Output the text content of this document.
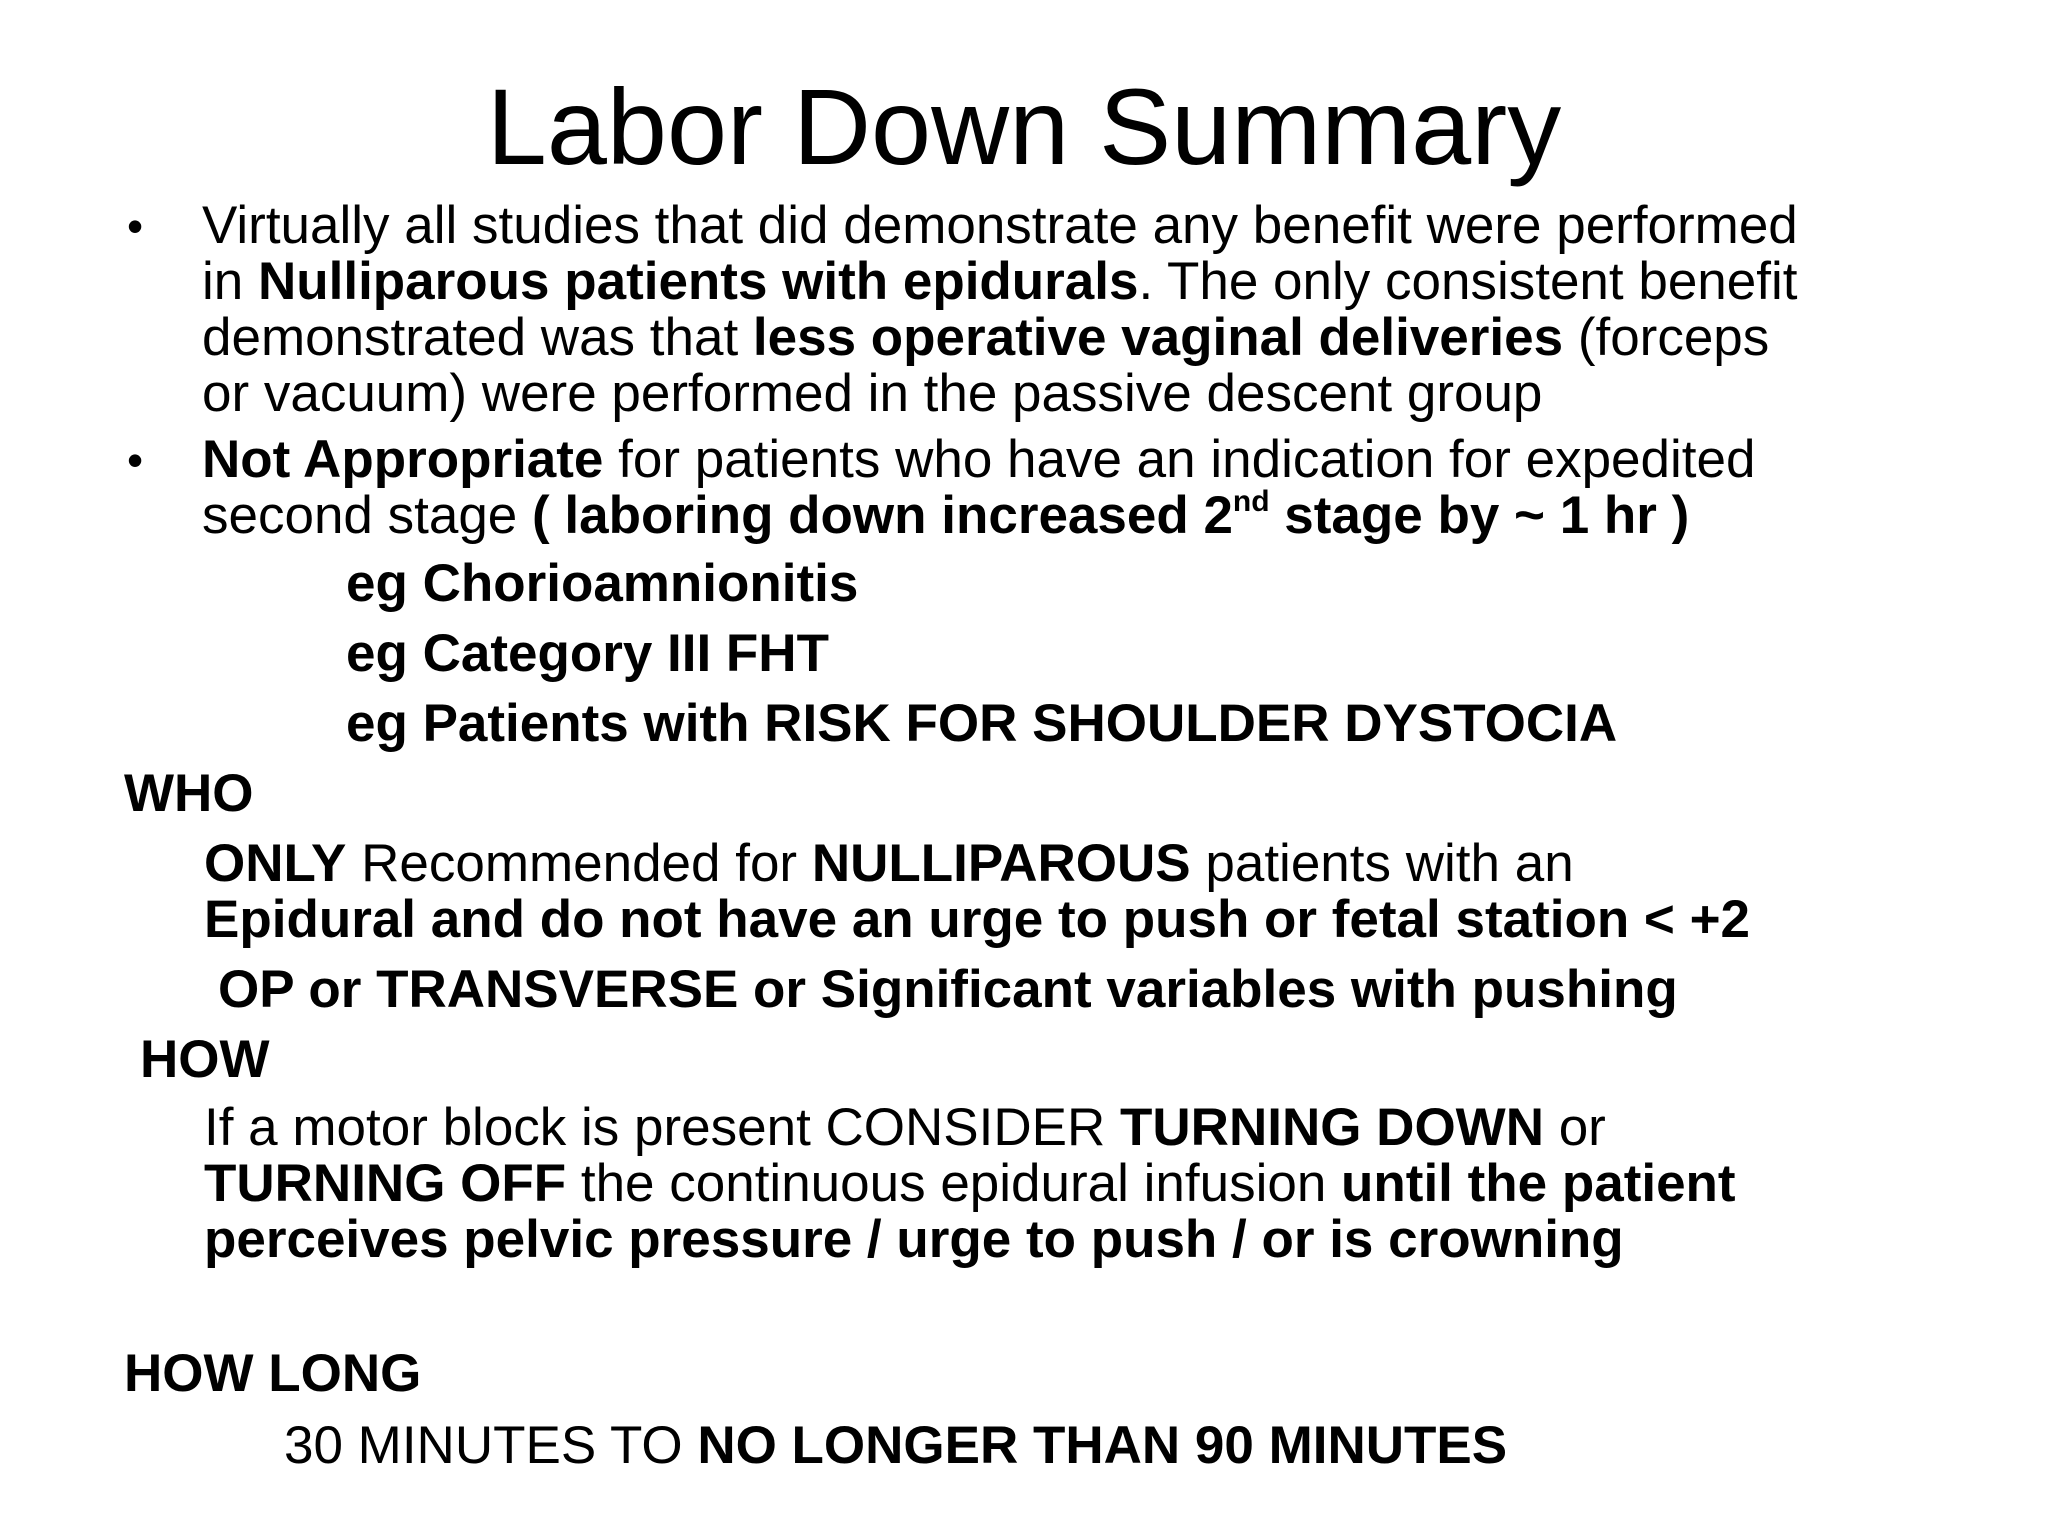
Labor Down Summary
• Virtually all studies that did demonstrate any benefit were performed
in Nulliparous patients with epidurals. The only consistent benefit
demonstrated was that less operative vaginal deliveries (forceps
or vacuum) were performed in the passive descent group
• Not Appropriate for patients who have an indication for expedited
second stage ( laboring down increased 2nd stage by ~ 1 hr )
eg Chorioamnionitis
eg Category III FHT
eg Patients with RISK FOR SHOULDER DYSTOCIA
WHO
ONLY Recommended for NULLIPAROUS patients with an
Epidural and do not have an urge to push or fetal station < +2
OP or TRANSVERSE or Significant variables with pushing
HOW
If a motor block is present CONSIDER TURNING DOWN or
TURNING OFF the continuous epidural infusion until the patient
perceives pelvic pressure / urge to push / or is crowning
HOW LONG
30 MINUTES TO NO LONGER THAN 90 MINUTES
